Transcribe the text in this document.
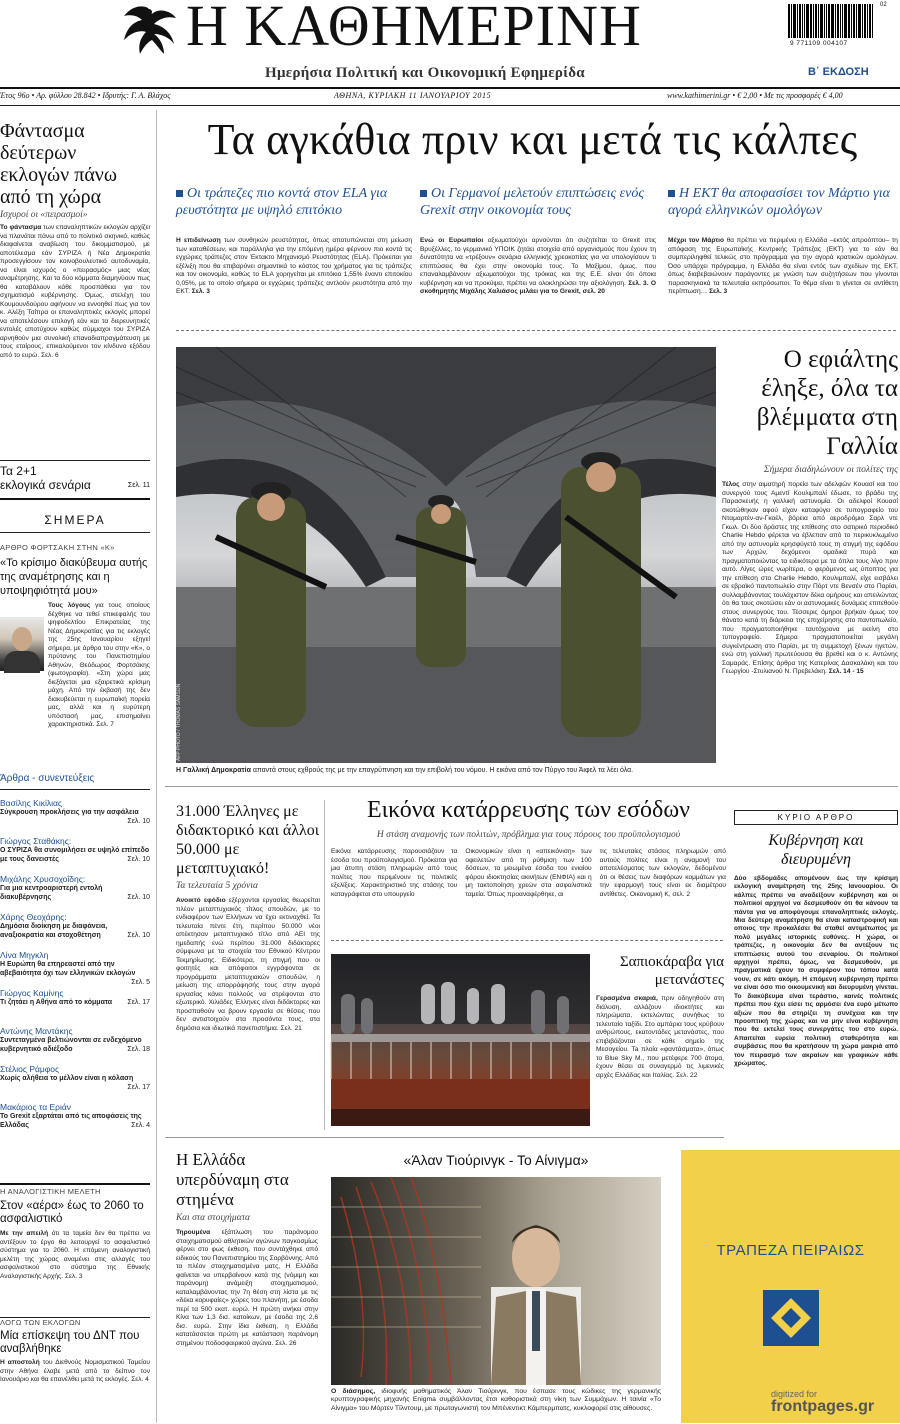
Η ΚΑΘΗΜΕΡΙΝΗ
Ημερήσια Πολιτική και Οικονομική Εφημερίδα
02
9 771109 004107
Β΄ ΕΚΔΟΣΗ
Έτος 96ο • Αρ. φύλλου 28.842 • Ιδρυτής: Γ. Α. Βλάχος	ΑΘΗΝΑ, ΚΥΡΙΑΚΗ 11 ΙΑΝΟΥΑΡΙΟΥ 2015	www.kathimerini.gr • € 2,00 • Με τις προσφορές € 4,00
Φάντασμα δεύτερων εκλογών πάνω από τη χώρα
Ισχυροί οι «πειρασμοί»
Το φάντασμα των επαναληπτικών εκλογών αρχίζει να πλανάται πάνω από το πολιτικό σκηνικό, καθώς διαφαίνεται αναβίωση του δικομματισμού, με αποτέλεσμα εάν ΣΥΡΙΖΑ ή Νέα Δημοκρατία προσεγγίσουν τον κοινοβουλευτικό αυτοδυναμία, να είναι ισχυρός ο «πειρασμός» μιας νέας αναμέτρησης. Και τα δύο κόμματα διαμηνύουν πως θα καταβάλουν κάθε προσπάθεια για τον σχηματισμό κυβέρνησης. Όμως, στελέχη του Κουμουνδούρου αφήνουν να εννοηθεί πως για τον κ. Αλέξη Τσίπρα οι επαναληπτικές εκλογές μπορεί να αποτελέσουν επιλογή εάν και τα διερευνητικές εντολές αποτύχουν καθώς σύμμαχοι του ΣΥΡΙΖΑ αρνηθούν μια συνολική επαναδιαπραγμάτευση με τους εταίρους, επικαλούμενοι τον κίνδυνο εξόδου από το ευρώ. Σελ. 6
Τα 2+1
εκλογικά σενάρια	Σελ. 11
ΣΗΜΕΡΑ
ΑΡΘΡΟ ΦΟΡΤΣΑΚΗ ΣΤΗΝ «Κ»
«Το κρίσιμο διακύβευμα αυτής της αναμέτρησης και η υποψηφιότητά μου»
Τους λόγους για τους οποίους δέχθηκε να τεθεί επικεφαλής του ψηφοδελτίου Επικρατείας της Νέας Δημοκρατίας για τις εκλογές της 25ης Ιανουαρίου εξηγεί σήμερα, με άρθρο του στην «Κ», ο πρύτανης του Πανεπιστημίου Αθηνών, Θεόδωρος Φορτσάκης (φωτογραφία). «Στη χώρα μας διεξάγεται μια εξαιρετικά κρίσιμη μάχη. Από την έκβασή της δεν διακυβεύεται η ευρωπαϊκή πορεία μας, αλλά και η ευρύτερη υπόστασή μας, επισημαίνει χαρακτηριστικά. Σελ. 7
Άρθρα - συνεντεύξεις
Βασίλης Κικίλιας
Σύγκρουση προκλήσεις για την ασφάλεια
Σελ. 10
Γιώργος Σταθάκης:
Ο ΣΥΡΙΖΑ θα συνομιλήσει σε υψηλό επίπεδο με τους δανειστές	Σελ. 10
Μιχάλης Χρυσοχοΐδης:
Για μια κεντροαριστερή εντολή διακυβέρνησης	Σελ. 10
Χάρης Θεοχάρης:
Δημόσια διοίκηση με διαφάνεια, αναξιοκρατία και στοχοθέτηση	Σελ. 10
Λίνα Μηγκλη
Η Ευρώπη θα επηρεαστεί από την αβεβαιότητα όχι των ελληνικών εκλογών
Σελ. 5
Γιώργος Καμίνης
Τι ζητάει η Αθήνα από το κόμματα Σελ. 17
Αντώνης Μαντάκης
Συντεταγμένα βελτιώνονται σε ενδεχόμενο κυβερνητικό αδιέξοδο	Σελ. 18
Στέλιος Ράμφος
Χωρίς αλήθεια το μέλλον είναι η κόλαση
Σελ. 17
Μακάριος τα Εριάν
Το Grexit εξαρτάται από τις αποφάσεις της Ελλάδας	Σελ. 4
Η ΑΝΑΛΟΓΙΣΤΙΚΗ ΜΕΛΕΤΗ
Στον «αέρα» έως το 2060 το ασφαλιστικό
Με την απειλή ότι τα ταμεία δεν θα πρέπει να αντέξουν το έργο θα λειτουργεί το ασφαλιστικό σύστημα για το 2060. Η επόμενη αναλογιστική μελέτη της χώρας αναμένει στις αλλαγές του ασφαλιστικού στο σύστημα της Εθνικής Αναλογιστικής Αρχής. Σελ. 3
ΛΟΓΩ ΤΩΝ ΕΚΛΟΓΩΝ
Μία επίσκεψη του ΔΝΤ που αναβλήθηκε
Η αποστολή του Διεθνούς Νομισματικού Ταμείου στην Αθήνα έλαβε μετά από το δείπνο τον Ιανουάριο και θα επανέλθει μετά τις εκλογές. Σελ. 4
Τα αγκάθια πριν και μετά τις κάλπες
Οι τράπεζες πιο κοντά στον ELA για ρευστότητα με υψηλό επιτόκιο
Η επιδείνωση των συνθηκών ρευστότητας, όπως αποτυπώνεται στη μείωση των καταθέσεων, και παράλληλα για την επόμενη ημέρα φέρνουν πιο κοντά τις εγχώριες τράπεζες στον Έκτακτο Μηχανισμό Ρευστότητας (ELA). Πρόκειται για εξέλιξη που θα επιβαρύνει σημαντικά το κόστος του χρήματος για τις τράπεζες και τον οικονομία, καθώς το ELA χορηγείται με επιτόκιο 1,55% έναντι επιτοκίου 0,05%, με το οποίο σήμερα οι εγχώριες τράπεζες αντλούν ρευστότητα από την ΕΚΤ. Σελ. 3
Οι Γερμανοί μελετούν επιπτώσεις ενός Grexit στην οικονομία τους
Ενώ οι Ευρωπαίοι αξιωματούχοι αρνούνται ότι συζητείται το Grexit στις Βρυξέλλες, το γερμανικό ΥΠΟΙΚ ζητάει στοιχεία από οργανισμούς που έχουν τη δυνατότητα να «τρέξουν» σενάρια ελληνικής χρεοκοπίας για να υπολογίσουν τι επιπτώσεις θα έχει στην οικονομία τους. Το Μαξίμου, όμως, που επαναλαμβάνουν αξιωματούχοι της τρόικας και της Ε.Ε. είναι ότι όποια κυβέρνηση και να προκύψει, πρέπει να ολοκληρώσει την αξιολόγηση. Σελ. 3. Ο σκοθημητής Μιχάλης Χαλιάσος μιλάει για το Grexit, σελ. 20
Η ΕΚΤ θα αποφασίσει τον Μάρτιο για αγορά ελληνικών ομολόγων
Μέχρι τον Μάρτιο θα πρέπει να περιμένει η Ελλάδα –εκτός απροόπτου– τη απόφαση της Ευρωπαϊκής Κεντρικής Τράπεζας (ΕΚΤ) για το εάν θα συμπεριληφθεί τελικώς στο πρόγραμμα για την αγορά κρατικών ομολόγων. Όσο υπάρχει πρόγραμμα, η Ελλάδα θα είναι εντός των σχεδίων της ΕΚΤ, όπως διαβεβαιώνουν παράγοντες με γνώση των συζητήσεων που γίνονται παρασκηνιακά τα τελευταία εκπρόσωποι. Το θέμα είναι τι γίνεται σε αντίθετη περίπτωση… Σελ. 3
AFP PHOTO / THOMAS SAMSON
Η Γαλλική Δημοκρατία απαντά στους εχθρούς της με την επαγρύπνηση και την επιβολή του νόμου. Η εικόνα από τον Πύργο του Άιφελ τα λέει όλα.
Ο εφιάλτης έληξε, όλα τα βλέμματα στη Γαλλία
Σήμερα διαδηλώνουν οι πολίτες της
Τέλος στην αιματηρή πορεία των αδελφών Κουασί και του συνεργού τους Αμεντί Κουλιμπαλί έδωσε, το βράδυ της Παρασκευής η γαλλική αστυνομία. Οι αδελφοί Κουασί σκοτώθηκαν αφού είχαν καταφύγει σε τυπογραφείο του Νταμαρτέν-αν-Γκοέλ, βόρεια από αεροδρόμιο Σαρλ ντε Γκωλ. Οι δύο δράστες της επίθεσης στο σατιρικό περιοδικό Charlie Hebdo φέρεται να έβλεπαν από το περικυκλωμένο από την αστυνομία κρησφύγετό τους τη στιγμή της εφόδου των Αρχών, δεχόμενοι ομαδικά πυρά και πραγματοποιώντας τα ειδικότερα με τα όπλα τους λίγο πριν αυτό. Λίγες ώρες νωρίτερα, ο φερόμενος ως ύποπτος για την επίθεση στο Charlie Hebdo, Κουλιμπαλί, είχε εισβάλει σε εβραϊκό παντοπωλείο στην Πόρτ ντε Βενσέν στο Παρίσι, συλλαμβάνοντας τουλάχιστον δέκα ομήρους και απειλώντας ότι θα τους σκοτώσει εάν οι αστυνομικές δυνάμεις επιτεθούν στους συνεργούς του. Τέσσερις όμηροι βρήκαν όμως τον θάνατο κατά τη διάρκεια της επιχείρησης στο παντοπωλείο, που πραγματοποιήθηκε ταυτόχρονα με εκείνη στο τυπογραφείο. Σήμερα πραγματοποιείται μεγάλη συγκέντρωση στο Παρίσι, με τη συμμετοχή ξένων ηγετών, ενώ στη γαλλική πρωτεύουσα θα βρεθεί και ο κ. Αντώνης Σαμαράς. Επίσης άρθρα της Κατερίνας Δασκαλάκη και του Γεωργίου -Στυλιανού Ν. Πρεβελάκη. Σελ. 14 - 15
31.000 Έλληνες με διδακτορικό και άλλοι 50.000 με μεταπτυχιακό!
Τα τελευταία 5 χρόνια
Ανοικτό εφόδιο εξέρχονται εργασίας θεωρείται πλέον μεταπτυχιακός τίτλος σπουδών, με το ενδιαφέρον των Ελλήνων να έχει εκτιναχθεί. Τα τελευταία πέντε έτη, περίπου 50.000 νέοι απέκτησαν μεταπτυχιακό τίτλο από ΑΕΙ της ημεδαπής ενώ περίπου 31.000 διδάκτορες σύμφωνα με τα στοιχεία του Εθνικού Κέντρου Τεκμηρίωσης. Ειδικότερα, τη στιγμή που οι φοιτητές και απόφοιτοι εγγράφονται σε προγράμματα μεταπτυχιακών σπουδών, η μείωση της απορρόφησής τους στην αγορά εργασίας κάνει πολλούς να στρέφονται στο εξωτερικό. Χιλιάδες Έλληνες είναι διδάκτορες και προσπαθούν να βρουν εργασία σε θέσεις που δεν αντιστοιχούν στα προσόντα τους, στα δημόσια και ιδιωτικά πανεπιστήμια. Σελ. 21
Εικόνα κατάρρευσης των εσόδων
Η στάση αναμονής των πολιτών, πρόβλημα για τους πόρους του προϋπολογισμού
Εικόνα κατάρρευσης παρουσιάζουν τα έσοδα του προϋπολογισμού. Πρόκειται για μια άτυπη στάση πληρωμών από τους πολίτες που περιμένουν τις πολιτικές εξελίξεις. Χαρακτηριστικό της στάσης του καταγράφεται στο υπουργείο
Οικονομικών είναι η «απεικόνιση» των οφειλετών από τη ρύθμιση των 100 δόσεων, τα μειωμένα έσοδα του ενιαίου φόρου ιδιοκτησίας ακινήτων (ΕΝΦΙΑ) και η μη τακτοποίηση χρεών στα ασφαλιστικά ταμεία. Όπως προαναφέρθηκε, αι
τις τελευταίες στάσεις πληρωμών από αυτούς πολίτες είναι η αναμονή του αποτελέσματος των εκλογών, δεδομένου ότι οι θέσεις των διαφόρων κομμάτων για την εφαρμογή τους είναι εκ διαμέτρου αντίθετες. Οικονομική Κ, σελ. 2
Σαπιοκάραβα για μετανάστες
Γερασμένα σκαριά, πριν οδηγηθούν στη διάλυση, αλλάζουν ιδιοκτήτες και πληρώματα, εκτελώντας συνήθως το τελευταίο ταξίδι. Στο αμπάρια τους κρύβουν ανθρώπους, εκατοντάδες μετανάστες, που επιβιβάζονται σε κάθε σημείο της Μεσογείου. Ta πλοία «φαντάσματα», όπως το Blue Sky M., που μετέφερε 700 άτομα, έχουν θέσει σε συναγερμό τις λιμενικές αρχές Ελλάδας και Ιταλίας. Σελ. 22
ΚΥΡΙΟ ΑΡΘΡΟ
Κυβέρνηση και διευρυμένη
Δύο εβδομάδες απομένουν έως την κρίσιμη εκλογική αναμέτρηση της 25ης Ιανουαρίου. Οι κάλπες πρέπει να αναδείξουν κυβέρνηση και οι πολιτικοί αρχηγοί να δεσμευθούν ότι θα κάνουν τα πάντα για να αποφύγουμε επαναληπτικές εκλογές. Μια δεύτερη αναμέτρηση θα είναι καταστροφική και οποιος την προκαλέσει θα σταθεί αντιμέτωπος με πολύ μεγάλες ιστορικές ευθύνες. Η χώρα, οι τράπεζες, η οικονομία δεν θα αντέξουν τις επιπτώσεις αυτού του σεναρίου. Οι πολιτικοί αρχηγοί πρέπει, όμως, να δεσμευθούν, με πραγματικά έχουν το συμφέρον του τόπου κατά νουν, σε κάτι ακόμη. Η επόμενη κυβέρνηση πρέπει να είναι όσο πιο οικουμενική και διευρυμένη γίνεται. Το διακύβευμα είναι τεράστιο, καινές πολιτικές πρέπει που έχει είσει τις αρμόσει ένα ευρύ μέτωπο αξιών που θα στηρίζει τη συνέχεια και την προοπτική της χώρας και να μην είναι κυβέρνηση που θα εκτελεί τους συνεργάτες του στο ευρώ. Απαιτείται ευρεία πολιτική σταθερότητα και συμβάσεις που θα κρατήσουν τη χώρα μακριά από τον πειρασμό των ακραίων και γραφικών κάθε χρώματος.
Η Ελλάδα υπερδύναμη στα στημένα
Και στα στοιχήματα
Τηρουμένα εξάπλωση του παράνομου στοιχηματισμού αθλητικών αγώνων παγκοσμίως φέρνει στο φως έκθεση, που συντάχθηκε από ειδικούς του Πανεπιστημίου της Σορβόννης. Από τα πλέον στοιχηματισμένα ματς, Η Ελλάδα φαίνεται να υπερβαίνουν κατά της (νόμιμη και παράνομη) ανάμειξη στοιχηματισμού, καταλαμβάνοντας την 7η θέση στη λίστα με τις «δέκα κορυφαίες» χώρες του πλανήτη, με έσοδα περί τα 500 εκατ. ευρώ. Η πρώτη ανήκει στην Κίνα των 1,3 δισ. κατοίκων, με έσοδα της 2,6 δισ. ευρώ. Στην ίδια έκθεση, η Ελλάδα κατατάσσεται πρώτη με κατάσταση παράνομη στημένου ποδοσφαιρικού αγώνα. Σελ. 26
«Άλαν Τιούρινγκ - Το Αίνιγμα»
Ο διάσημος, ιδιοφυής μαθηματικός Άλαν Τιούρινγκ, που έσπασε τους κώδικες της γερμανικής κρυπτογραφικής μηχανής Enigma συμβάλλοντας έτσι καθοριστικά στη νίκη των Συμμάχων. Η ταινία «Το Αίνιγμα» του Μόρτεν Τίλντουμ, με πρωταγωνιστή τον Μπένεντικτ Κάμπερμπατς, κυκλοφορεί στις αίθουσες.
ΤΡΑΠΕΖΑ ΠΕΙΡΑΙΩΣ
digitized for
frontpages.gr
